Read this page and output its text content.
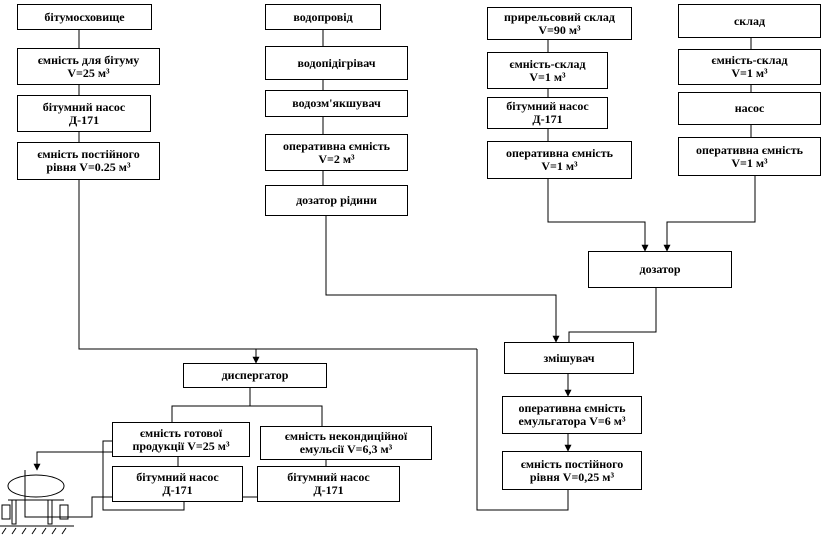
бітумосховище
ємність для бітуму
V=25 м³
бітумний насос
Д-171
ємність постійного
рівня V=0.25 м³
водопровід
водопідігрівач
водозм'якшувач
оперативна ємність
V=2 м³
дозатор рідини
прирельсовий склад
V=90 м³
ємність-склад
V=1 м³
бітумний насос
Д-171
оперативна ємність
V=1 м³
склад
ємність-склад
V=1 м³
насос
оперативна ємність
V=1 м³
дозатор
змішувач
оперативна ємність
емульгатора V=6 м³
ємність постійного
рівня V=0,25 м³
диспергатор
ємність готової
продукції V=25 м³
ємність некондиційної
емульсії V=6,3 м³
бітумний насос
Д-171
бітумний насос
Д-171
